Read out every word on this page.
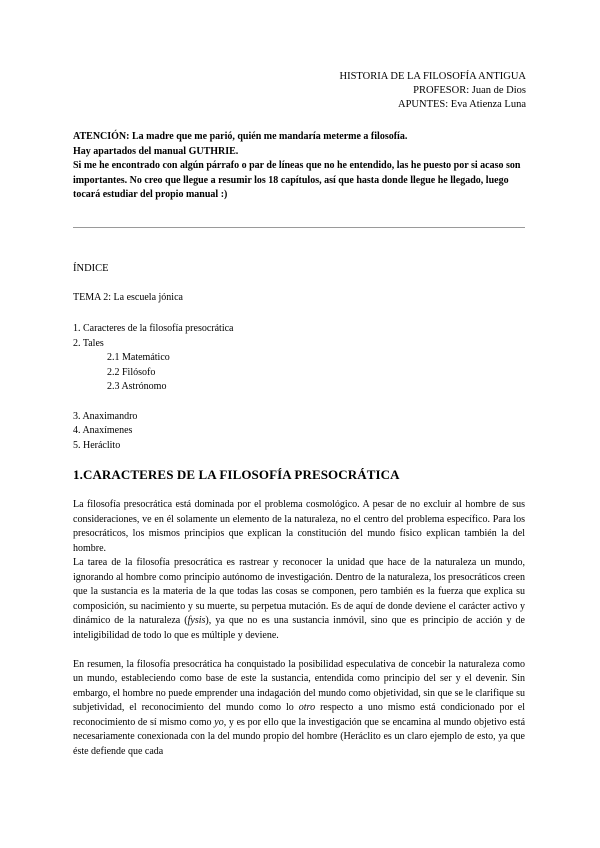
HISTORIA DE LA FILOSOFÍA ANTIGUA
PROFESOR: Juan de Dios
APUNTES: Eva Atienza Luna

ATENCIÓN: La madre que me parió, quién me mandaría meterme a filosofía.

Hay apartados del manual GUTHRIE.

Si me he encontrado con algún párrafo o par de líneas que no he entendido, las he puesto por si acaso son importantes. No creo que llegue a resumir los 18 capítulos, así que hasta donde llegue he llegado, luego tocará estudiar del propio manual :)

ÍNDICE
TEMA 2: La escuela jónica
1. Caracteres de la filosofía presocrática
2. Tales
2.1 Matemático
2.2 Filósofo
2.3 Astrónomo
3. Anaximandro
4. Anaxímenes
5. Heráclito
1.CARACTERES DE LA FILOSOFÍA PRESOCRÁTICA

La filosofía presocrática está dominada por el problema cosmológico. A pesar de no excluir al hombre de sus consideraciones, ve en él solamente un elemento de la naturaleza, no el centro del problema específico. Para los presocráticos, los mismos principios que explican la constitución del mundo físico explican también la del hombre.

La tarea de la filosofía presocrática es rastrear y reconocer la unidad que hace de la naturaleza un mundo, ignorando al hombre como principio autónomo de investigación. Dentro de la naturaleza, los presocráticos creen que la sustancia es la materia de la que todas las cosas se componen, pero también es la fuerza que explica su composición, su nacimiento y su muerte, su perpetua mutación. Es de aquí de donde deviene el carácter activo y dinámico de la naturaleza (fysis), ya que no es una sustancia inmóvil, sino que es principio de acción y de inteligibilidad de todo lo que es múltiple y deviene.

En resumen, la filosofía presocrática ha conquistado la posibilidad especulativa de concebir la naturaleza como un mundo, estableciendo como base de este la sustancia, entendida como principio del ser y el devenir. Sin embargo, el hombre no puede emprender una indagación del mundo como objetividad, sin que se le clarifique su subjetividad, el reconocimiento del mundo como lo otro respecto a uno mismo está condicionado por el reconocimiento de sí mismo como yo, y es por ello que la investigación que se encamina al mundo objetivo está necesariamente conexionada con la del mundo propio del hombre (Heráclito es un claro ejemplo de esto, ya que éste defiende que cada
